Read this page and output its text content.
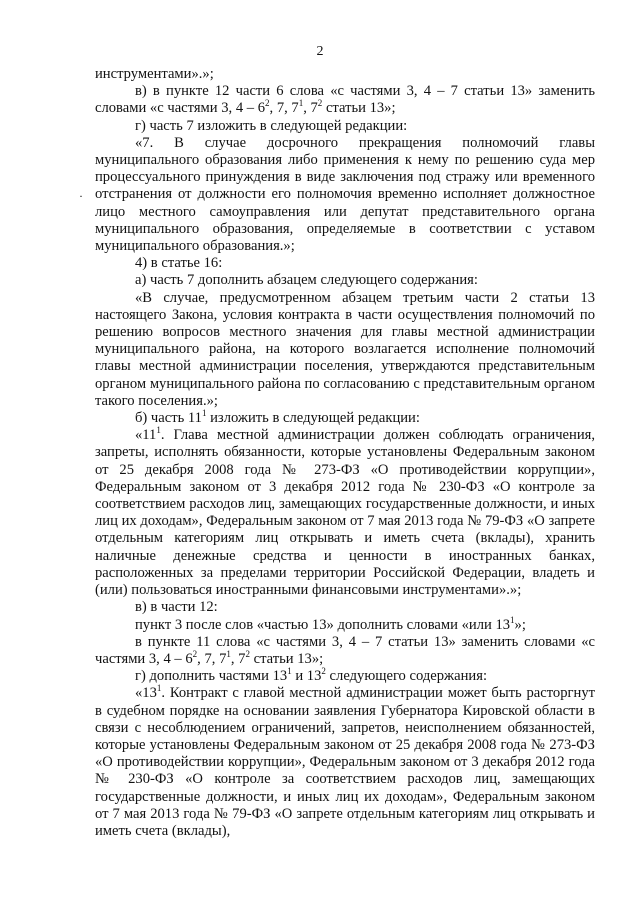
2
·

инструментами».»;

в) в пункте 12 части 6 слова «с частями 3, 4 – 7 статьи 13» заменить словами «с частями 3, $4 - 6^2$, 7, $7^1$, $7^2$ статьи 13»;

г) часть 7 изложить в следующей редакции:

«7. В случае досрочного прекращения полномочий главы муниципального образования либо применения к нему по решению суда мер процессуального принуждения в виде заключения под стражу или временного отстранения от должности его полномочия временно исполняет должностное лицо местного самоуправления или депутат представительного органа муниципального образования, определяемые в соответствии с уставом муниципального образования.»;

4) в статье 16:

а) часть 7 дополнить абзацем следующего содержания:

«В случае, предусмотренном абзацем третьим части 2 статьи 13 настоящего Закона, условия контракта в части осуществления полномочий по решению вопросов местного значения для главы местной администрации муниципального района, на которого возлагается исполнение полномочий главы местной администрации поселения, утверждаются представительным органом муниципального района по согласованию с представительным органом такого поселения.»;

б) часть $11^1$ изложить в следующей редакции:

«$11^1$. Глава местной администрации должен соблюдать ограничения, запреты, исполнять обязанности, которые установлены Федеральным законом от 25 декабря 2008 года № 273-ФЗ «О противодействии коррупции», Федеральным законом от 3 декабря 2012 года № 230-ФЗ «О контроле за соответствием расходов лиц, замещающих государственные должности, и иных лиц их доходам», Федеральным законом от 7 мая 2013 года № 79-ФЗ «О запрете отдельным категориям лиц открывать и иметь счета (вклады), хранить наличные денежные средства и ценности в иностранных банках, расположенных за пределами территории Российской Федерации, владеть и (или) пользоваться иностранными финансовыми инструментами».»;

в) в части 12:

пункт 3 после слов «частью 13» дополнить словами «или $13^1$»;

в пункте 11 слова «с частями 3, 4 – 7 статьи 13» заменить словами «с частями 3, $4 - 6^2$, 7, $7^1$, $7^2$ статьи 13»;

г) дополнить частями $13^1$ и $13^2$ следующего содержания:

«$13^1$. Контракт с главой местной администрации может быть расторгнут в судебном порядке на основании заявления Губернатора Кировской области в связи с несоблюдением ограничений, запретов, неисполнением обязанностей, которые установлены Федеральным законом от 25 декабря 2008 года № 273-ФЗ «О противодействии коррупции», Федеральным законом от 3 декабря 2012 года № 230-ФЗ «О контроле за соответствием расходов лиц, замещающих государственные должности, и иных лиц их доходам», Федеральным законом от 7 мая 2013 года № 79-ФЗ «О запрете отдельным категориям лиц открывать и иметь счета (вклады),
